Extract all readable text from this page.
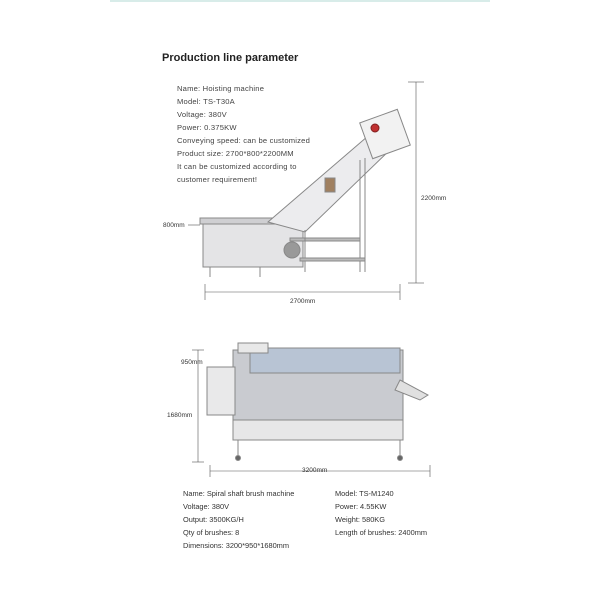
Production line parameter
Name: Hoisting machine
Model: TS-T30A
Voltage: 380V
Power: 0.375KW
Conveying speed: can be customized
Product size: 2700*800*2200MM
It can be customized according to
customer requirement!
800mm
2200mm
2700mm
950mm
1680mm
3200mm
Name: Spiral shaft brush machine
Voltage: 380V
Output: 3500KG/H
Qty of brushes: 8
Dimensions: 3200*950*1680mm
Model: TS-M1240
Power: 4.55KW
Weight: 580KG
Length of brushes: 2400mm
